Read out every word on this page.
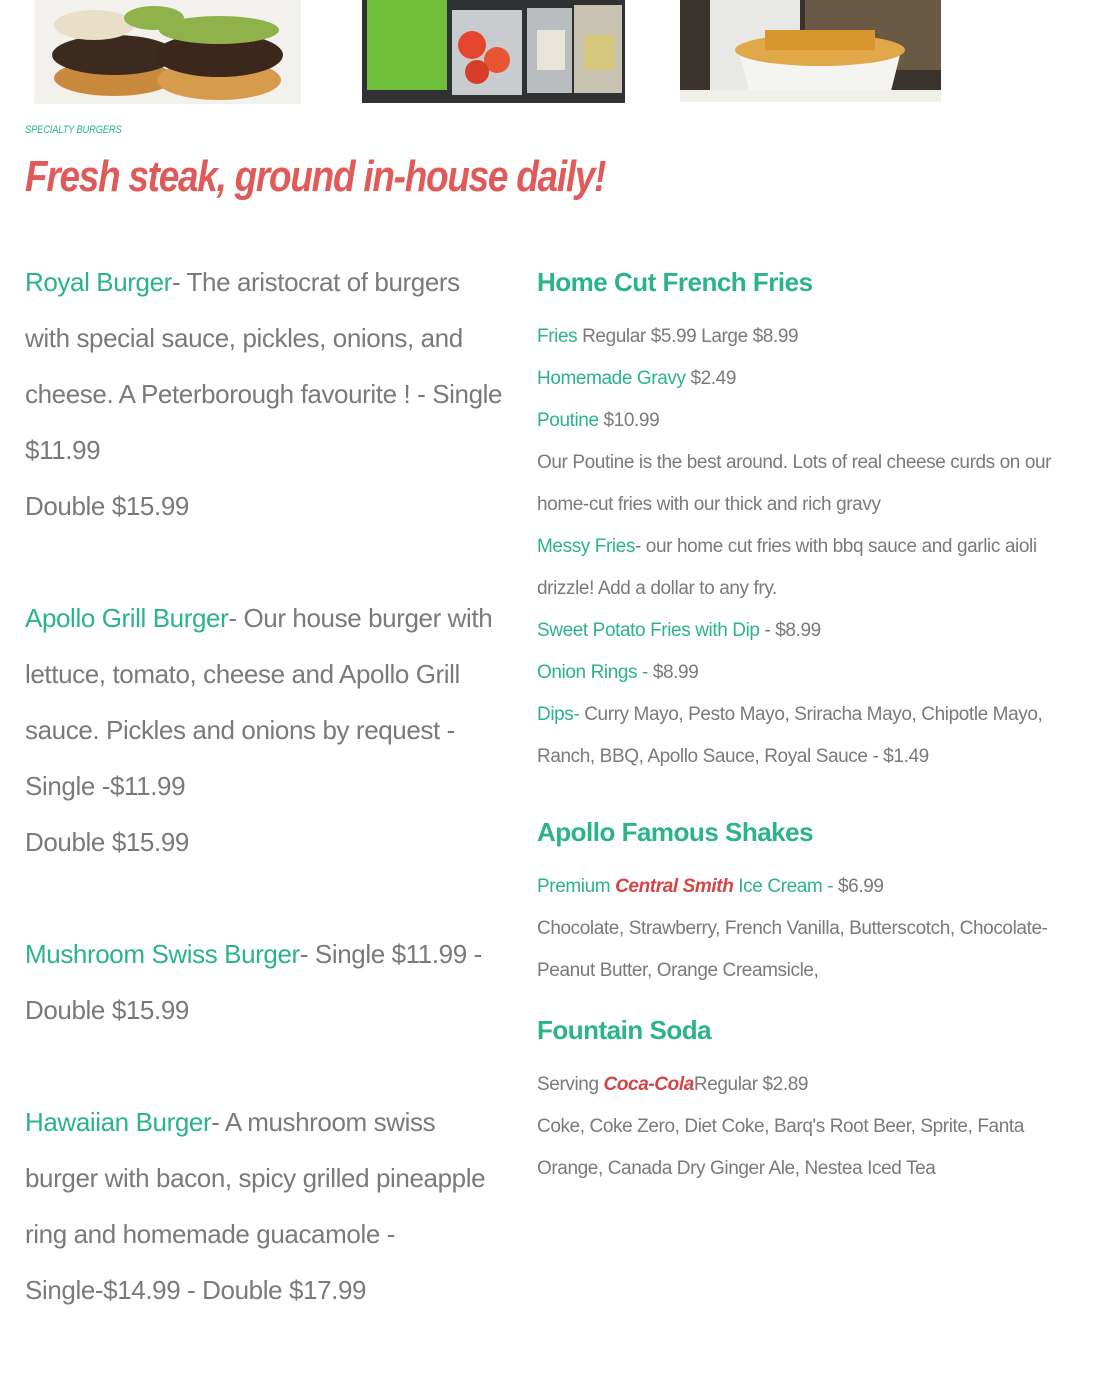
SPECIALTY BURGERS
Fresh steak, ground in-house daily!

Royal Burger- The aristocrat of burgers with special sauce, pickles, onions, and cheese. A Peterborough favourite ! - Single $11.99
Double $15.99

Apollo Grill Burger- Our house burger with lettuce, tomato, cheese and Apollo Grill sauce. Pickles and onions by request - Single -$11.99
Double $15.99

Mushroom Swiss Burger- Single $11.99 - Double $15.99

Hawaiian Burger- A mushroom swiss burger with bacon, spicy grilled pineapple ring and homemade guacamole -Single-$14.99 - Double $17.99

Home Cut French Fries

Fries Regular $5.99 Large $8.99

Homemade Gravy $2.49

Poutine $10.99

Our Poutine is the best around. Lots of real cheese curds on our home-cut fries with our thick and rich gravy

Messy Fries- our home cut fries with bbq sauce and garlic aioli drizzle! Add a dollar to any fry.

Sweet Potato Fries with Dip - $8.99

Onion Rings - $8.99

Dips- Curry Mayo, Pesto Mayo, Sriracha Mayo, Chipotle Mayo, Ranch, BBQ, Apollo Sauce, Royal Sauce - $1.49

Apollo Famous Shakes

Premium Central Smith Ice Cream - $6.99

Chocolate, Strawberry, French Vanilla, Butterscotch, Chocolate-Peanut Butter, Orange Creamsicle,

Fountain Soda

Serving Coca-ColaRegular $2.89

Coke, Coke Zero, Diet Coke, Barq's Root Beer, Sprite, Fanta Orange, Canada Dry Ginger Ale, Nestea Iced Tea
